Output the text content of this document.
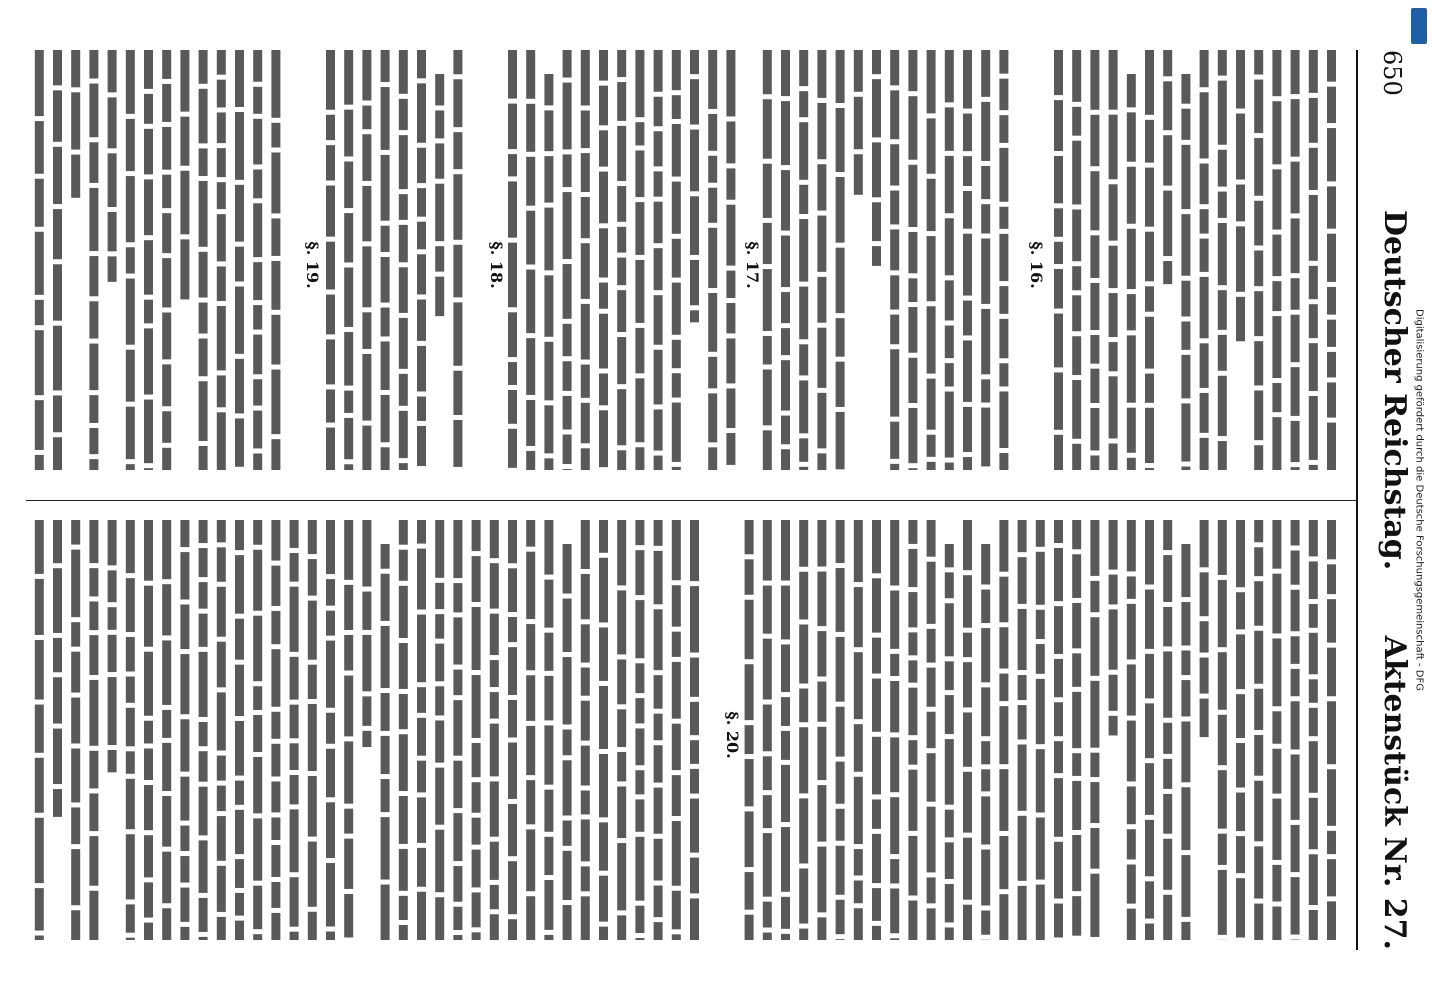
650
Deutscher Reichstag.
Aktenstück Nr. 27.
§. 16.
§. 17.
§. 18.
§. 19.
§. 20.
Digitalisierung gefördert durch die Deutsche Forschungsgemeinschaft - DFG
